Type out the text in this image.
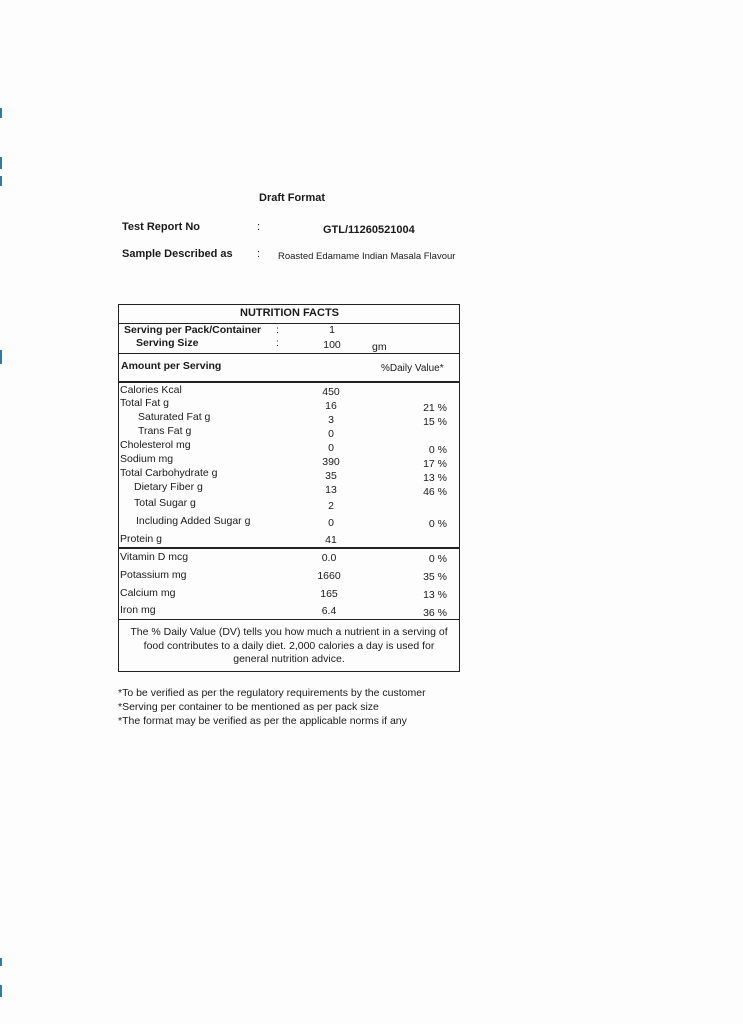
Draft Format
Test Report No	:	GTL/11260521004
Sample Described as : Roasted Edamame Indian Masala Flavour
NUTRITION FACTS
Serving per Pack/Container :	1
Serving Size	:	100	gm
Amount per Serving	%Daily Value*
Calories Kcal	450
Total Fat g	16	21 %
Saturated Fat g	3	15 %
Trans Fat g	0
Cholesterol mg	0	0 %
Sodium mg	390	17 %
Total Carbohydrate g	35	13 %
Dietary Fiber g	13	46 %
Total Sugar g	2
Including Added Sugar g	0	0 %
Protein g	41
Vitamin D mcg	0.0	0 %
Potassium mg	1660	35 %
Calcium mg	165	13 %
Iron mg	6.4	36 %
The % Daily Value (DV) tells you how much a nutrient in a serving of
food contributes to a daily diet. 2,000 calories a day is used for
general nutrition advice.
*To be verified as per the regulatory requirements by the customer
*Serving per container to be mentioned as per pack size
*The format may be verified as per the applicable norms if any
